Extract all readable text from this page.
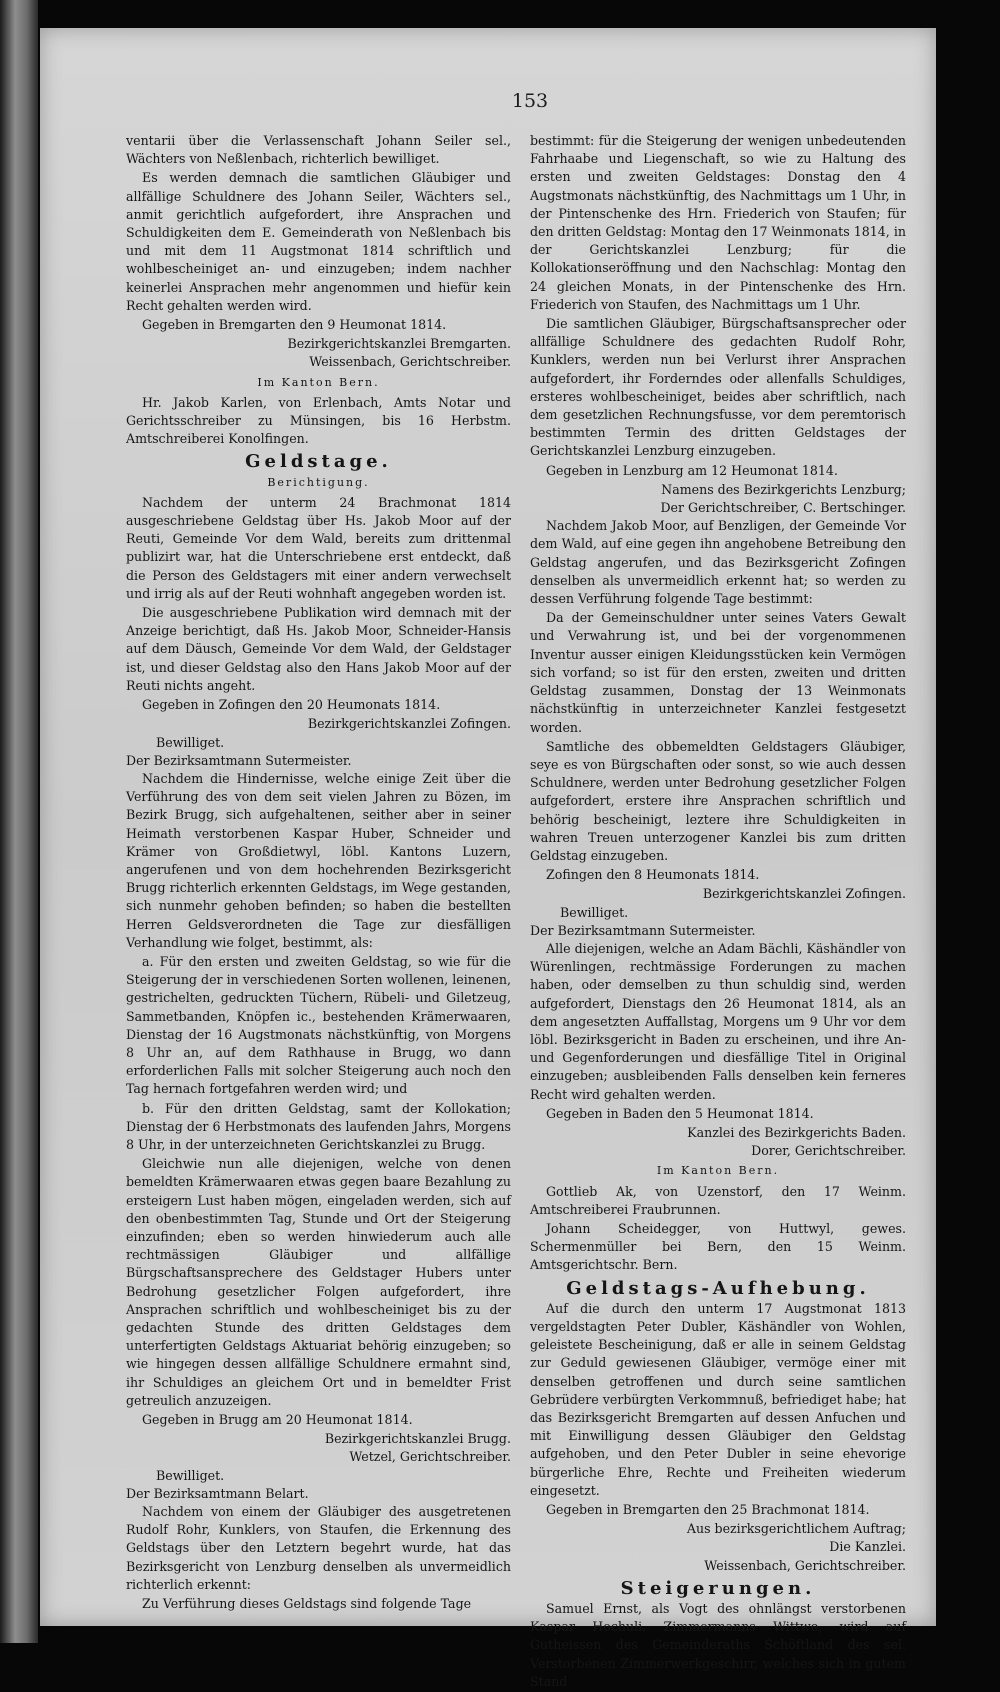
153

ventarii über die Verlassenschaft Johann Seiler sel., Wächters von Neßlenbach, richterlich bewilliget.

Es werden demnach die samtlichen Gläubiger und allfällige Schuldnere des Johann Seiler, Wächters sel., anmit gerichtlich aufgefordert, ihre Ansprachen und Schuldigkeiten dem E. Gemeinderath von Neßlenbach bis und mit dem 11 Augstmonat 1814 schriftlich und wohlbescheiniget an- und einzugeben; indem nachher keinerlei Ansprachen mehr angenommen und hiefür kein Recht gehalten werden wird.

Gegeben in Bremgarten den 9 Heumonat 1814.

Bezirkgerichtskanzlei Bremgarten.
Weissenbach, Gerichtschreiber.
Im Kanton Bern.

Hr. Jakob Karlen, von Erlenbach, Amts Notar und Gerichtsschreiber zu Münsingen, bis 16 Herbstm. Amtschreiberei Konolfingen.

Geldstage.
Berichtigung.

Nachdem der unterm 24 Brachmonat 1814 ausgeschriebene Geldstag über Hs. Jakob Moor auf der Reuti, Gemeinde Vor dem Wald, bereits zum drittenmal publizirt war, hat die Unterschriebene erst entdeckt, daß die Person des Geldstagers mit einer andern verwechselt und irrig als auf der Reuti wohnhaft angegeben worden ist.

Die ausgeschriebene Publikation wird demnach mit der Anzeige berichtigt, daß Hs. Jakob Moor, Schneider-Hansis auf dem Däusch, Gemeinde Vor dem Wald, der Geldstager ist, und dieser Geldstag also den Hans Jakob Moor auf der Reuti nichts angeht.

Gegeben in Zofingen den 20 Heumonats 1814.

Bezirkgerichtskanzlei Zofingen.
Bewilliget.
Der Bezirksamtmann Sutermeister.

Nachdem die Hindernisse, welche einige Zeit über die Verführung des von dem seit vielen Jahren zu Bözen, im Bezirk Brugg, sich aufgehaltenen, seither aber in seiner Heimath verstorbenen Kaspar Huber, Schneider und Krämer von Großdietwyl, löbl. Kantons Luzern, angerufenen und von dem hochehrenden Bezirksgericht Brugg richterlich erkennten Geldstags, im Wege gestanden, sich nunmehr gehoben befinden; so haben die bestellten Herren Geldsverordneten die Tage zur diesfälligen Verhandlung wie folget, bestimmt, als:

a. Für den ersten und zweiten Geldstag, so wie für die Steigerung der in verschiedenen Sorten wollenen, leinenen, gestrichelten, gedruckten Tüchern, Rübeli- und Giletzeug, Sammetbanden, Knöpfen ic., bestehenden Krämerwaaren, Dienstag der 16 Augstmonats nächstkünftig, von Morgens 8 Uhr an, auf dem Rathhause in Brugg, wo dann erforderlichen Falls mit solcher Steigerung auch noch den Tag hernach fortgefahren werden wird; und

b. Für den dritten Geldstag, samt der Kollokation; Dienstag der 6 Herbstmonats des laufenden Jahrs, Morgens 8 Uhr, in der unterzeichneten Gerichtskanzlei zu Brugg.

Gleichwie nun alle diejenigen, welche von denen bemeldten Krämerwaaren etwas gegen baare Bezahlung zu ersteigern Lust haben mögen, eingeladen werden, sich auf den obenbestimmten Tag, Stunde und Ort der Steigerung einzufinden; eben so werden hinwiederum auch alle rechtmässigen Gläubiger und allfällige Bürgschaftsansprechere des Geldstager Hubers unter Bedrohung gesetzlicher Folgen aufgefordert, ihre Ansprachen schriftlich und wohlbescheiniget bis zu der gedachten Stunde des dritten Geldstages dem unterfertigten Geldstags Aktuariat behörig einzugeben; so wie hingegen dessen allfällige Schuldnere ermahnt sind, ihr Schuldiges an gleichem Ort und in bemeldter Frist getreulich anzuzeigen.

Gegeben in Brugg am 20 Heumonat 1814.

Bezirkgerichtskanzlei Brugg.
Wetzel, Gerichtschreiber.
Bewilliget.
Der Bezirksamtmann Belart.

Nachdem von einem der Gläubiger des ausgetretenen Rudolf Rohr, Kunklers, von Staufen, die Erkennung des Geldstags über den Letztern begehrt wurde, hat das Bezirksgericht von Lenzburg denselben als unvermeidlich richterlich erkennt:

Zu Verführung dieses Geldstags sind folgende Tage

bestimmt: für die Steigerung der wenigen unbedeutenden Fahrhaabe und Liegenschaft, so wie zu Haltung des ersten und zweiten Geldstages: Donstag den 4 Augstmonats nächstkünftig, des Nachmittags um 1 Uhr, in der Pintenschenke des Hrn. Friederich von Staufen; für den dritten Geldstag: Montag den 17 Weinmonats 1814, in der Gerichtskanzlei Lenzburg; für die Kollokationseröffnung und den Nachschlag: Montag den 24 gleichen Monats, in der Pintenschenke des Hrn. Friederich von Staufen, des Nachmittags um 1 Uhr.

Die samtlichen Gläubiger, Bürgschaftsansprecher oder allfällige Schuldnere des gedachten Rudolf Rohr, Kunklers, werden nun bei Verlurst ihrer Ansprachen aufgefordert, ihr Forderndes oder allenfalls Schuldiges, ersteres wohlbescheiniget, beides aber schriftlich, nach dem gesetzlichen Rechnungsfusse, vor dem peremtorisch bestimmten Termin des dritten Geldstages der Gerichtskanzlei Lenzburg einzugeben.

Gegeben in Lenzburg am 12 Heumonat 1814.

Namens des Bezirkgerichts Lenzburg;
Der Gerichtschreiber, C. Bertschinger.

Nachdem Jakob Moor, auf Benzligen, der Gemeinde Vor dem Wald, auf eine gegen ihn angehobene Betreibung den Geldstag angerufen, und das Bezirksgericht Zofingen denselben als unvermeidlich erkennt hat; so werden zu dessen Verführung folgende Tage bestimmt:

Da der Gemeinschuldner unter seines Vaters Gewalt und Verwahrung ist, und bei der vorgenommenen Inventur ausser einigen Kleidungsstücken kein Vermögen sich vorfand; so ist für den ersten, zweiten und dritten Geldstag zusammen, Donstag der 13 Weinmonats nächstkünftig in unterzeichneter Kanzlei festgesetzt worden.

Samtliche des obbemeldten Geldstagers Gläubiger, seye es von Bürgschaften oder sonst, so wie auch dessen Schuldnere, werden unter Bedrohung gesetzlicher Folgen aufgefordert, erstere ihre Ansprachen schriftlich und behörig bescheinigt, leztere ihre Schuldigkeiten in wahren Treuen unterzogener Kanzlei bis zum dritten Geldstag einzugeben.

Zofingen den 8 Heumonats 1814.

Bezirkgerichtskanzlei Zofingen.
Bewilliget.
Der Bezirksamtmann Sutermeister.

Alle diejenigen, welche an Adam Bächli, Käshändler von Würenlingen, rechtmässige Forderungen zu machen haben, oder demselben zu thun schuldig sind, werden aufgefordert, Dienstags den 26 Heumonat 1814, als an dem angesetzten Auffallstag, Morgens um 9 Uhr vor dem löbl. Bezirksgericht in Baden zu erscheinen, und ihre An- und Gegenforderungen und diesfällige Titel in Original einzugeben; ausbleibenden Falls denselben kein ferneres Recht wird gehalten werden.

Gegeben in Baden den 5 Heumonat 1814.

Kanzlei des Bezirkgerichts Baden.
Dorer, Gerichtschreiber.
Im Kanton Bern.

Gottlieb Ak, von Uzenstorf, den 17 Weinm. Amtschreiberei Fraubrunnen.

Johann Scheidegger, von Huttwyl, gewes. Schermenmüller bei Bern, den 15 Weinm. Amtsgerichtschr. Bern.

Geldstags-Aufhebung.

Auf die durch den unterm 17 Augstmonat 1813 vergeldstagten Peter Dubler, Käshändler von Wohlen, geleistete Bescheinigung, daß er alle in seinem Geldstag zur Geduld gewiesenen Gläubiger, vermöge einer mit denselben getroffenen und durch seine samtlichen Gebrüdere verbürgten Verkommnuß, befriediget habe; hat das Bezirksgericht Bremgarten auf dessen Anfuchen und mit Einwilligung dessen Gläubiger den Geldstag aufgehoben, und den Peter Dubler in seine ehevorige bürgerliche Ehre, Rechte und Freiheiten wiederum eingesetzt.

Gegeben in Bremgarten den 25 Brachmonat 1814.

Aus bezirksgerichtlichem Auftrag;
Die Kanzlei.
Weissenbach, Gerichtschreiber.
Steigerungen.

Samuel Ernst, als Vogt des ohnlängst verstorbenen Kaspar Hochuli, Zimmermanns Wittwe, wird auf Gutheissen des Gemeinderaths Schöftland des sel. Verstorbenen Zimmerwerkgeschirr, welches sich in gutem Stand
